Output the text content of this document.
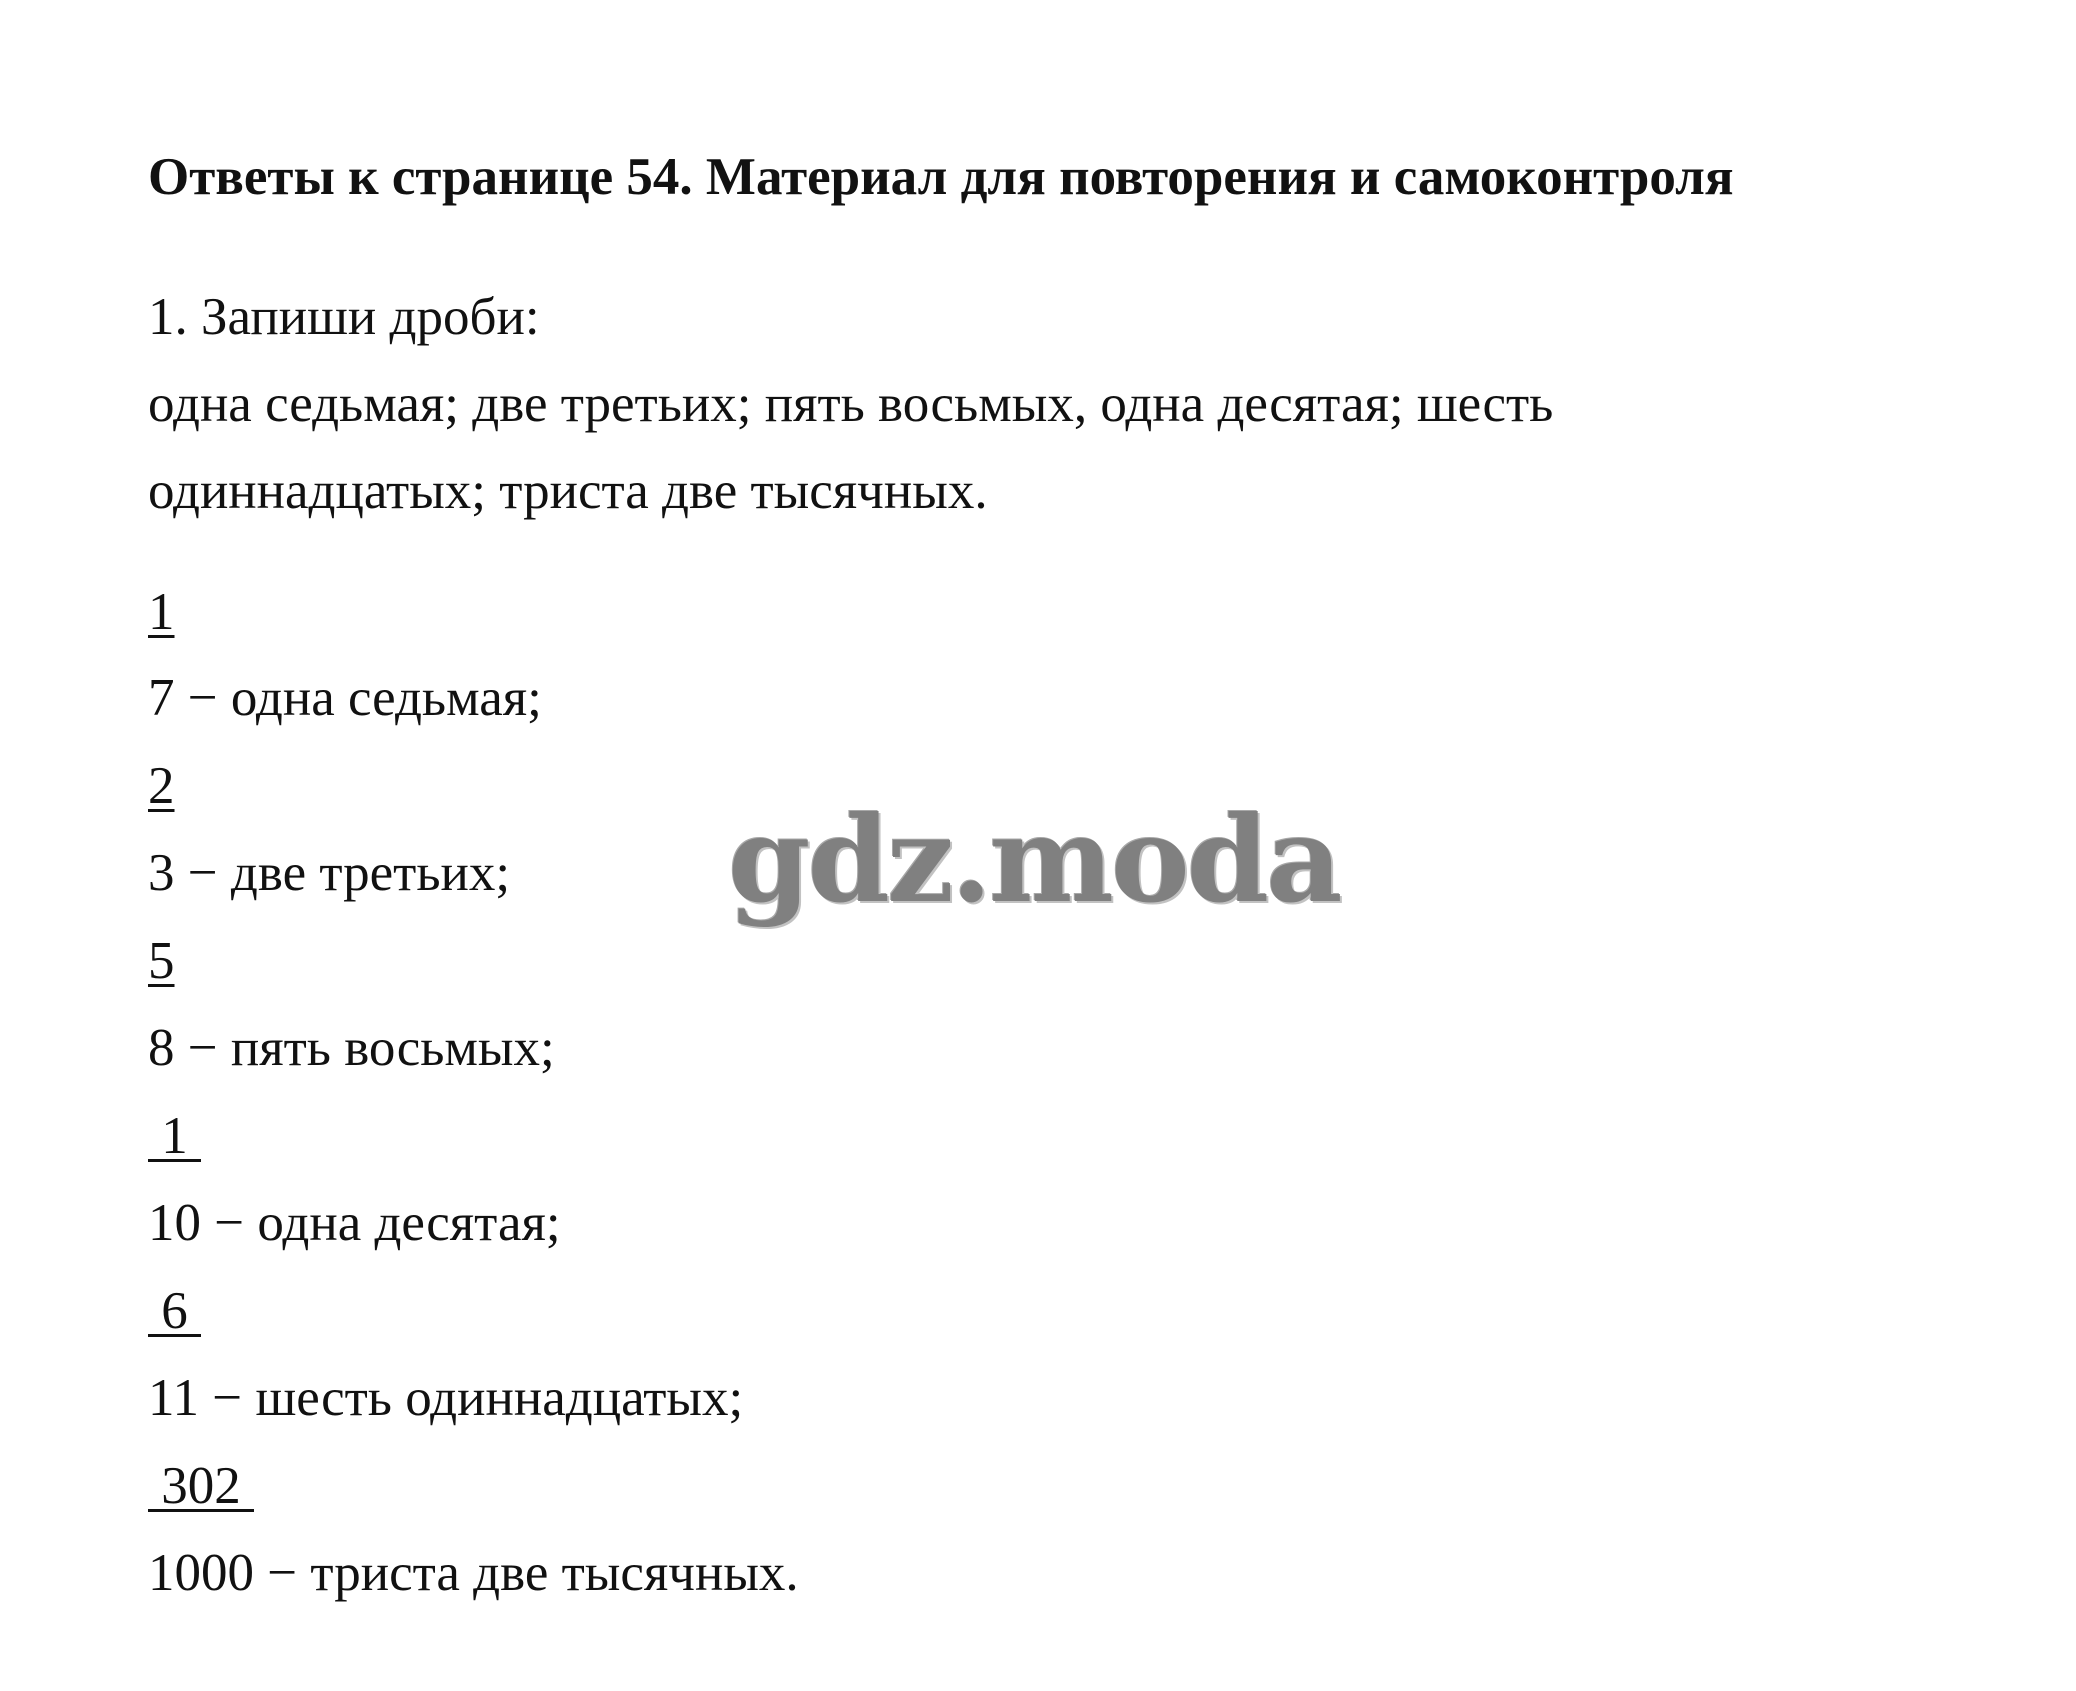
Ответы к странице 54. Материал для повторения и самоконтроля
1. Запиши дроби:
одна седьмая; две третьих; пять восьмых, одна десятая; шесть
одиннадцатых; триста две тысячных.
1
7 − одна седьмая;
2
3 − две третьих;
5
8 − пять восьмых;
1
10 − одна десятая;
6
11 − шесть одиннадцатых;
302
1000 − триста две тысячных.
gdz.moda
